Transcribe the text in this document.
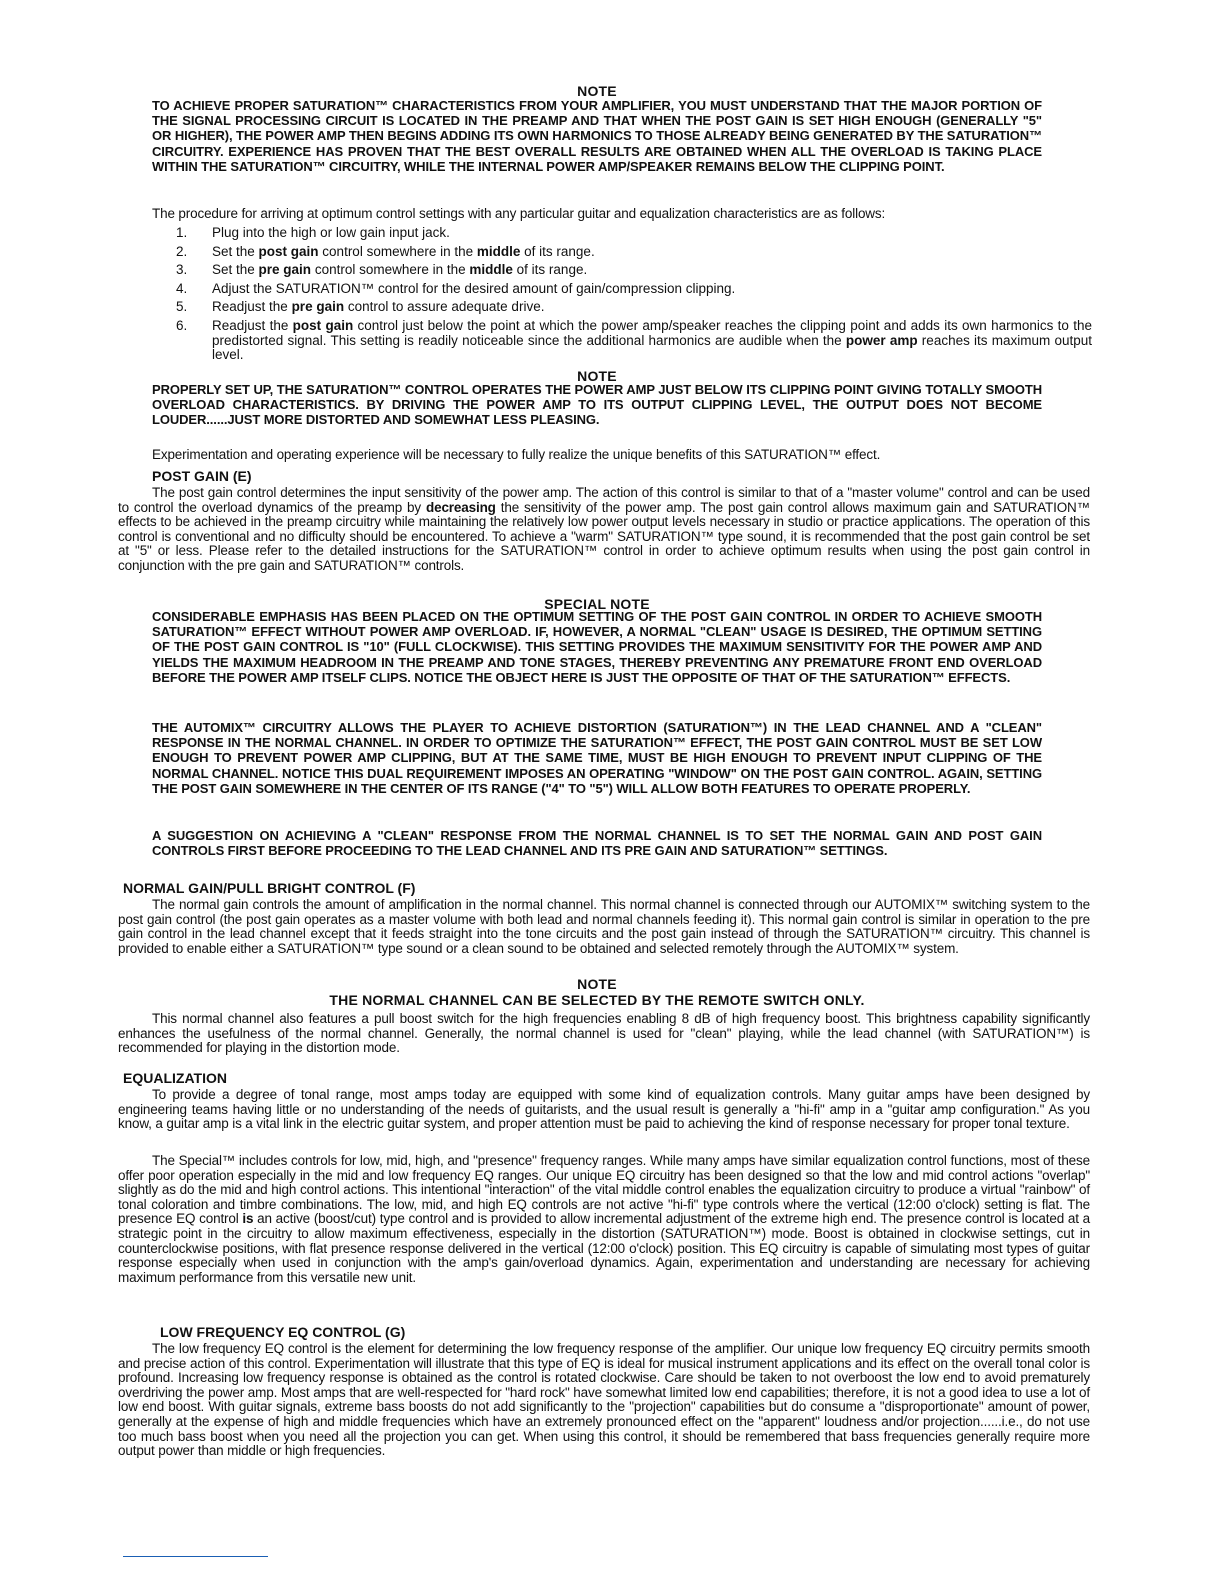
NOTE

TO ACHIEVE PROPER SATURATION™ CHARACTERISTICS FROM YOUR AMPLIFIER, YOU MUST UNDERSTAND THAT THE MAJOR PORTION OF THE SIGNAL PROCESSING CIRCUIT IS LOCATED IN THE PREAMP AND THAT WHEN THE POST GAIN IS SET HIGH ENOUGH (GENERALLY "5" OR HIGHER), THE POWER AMP THEN BEGINS ADDING ITS OWN HARMONICS TO THOSE ALREADY BEING GENERATED BY THE SATURATION™ CIRCUITRY. EXPERIENCE HAS PROVEN THAT THE BEST OVERALL RESULTS ARE OBTAINED WHEN ALL THE OVERLOAD IS TAKING PLACE WITHIN THE SATURATION™ CIRCUITRY, WHILE THE INTERNAL POWER AMP/SPEAKER REMAINS BELOW THE CLIPPING POINT.

The procedure for arriving at optimum control settings with any particular guitar and equalization characteristics are as follows:

1. Plug into the high or low gain input jack.
2. Set the post gain control somewhere in the middle of its range.
3. Set the pre gain control somewhere in the middle of its range.
4. Adjust the SATURATION™ control for the desired amount of gain/compression clipping.
5. Readjust the pre gain control to assure adequate drive.
6. Readjust the post gain control just below the point at which the power amp/speaker reaches the clipping point and adds its own harmonics to the predistorted signal. This setting is readily noticeable since the additional harmonics are audible when the power amp reaches its maximum output level.
NOTE

PROPERLY SET UP, THE SATURATION™ CONTROL OPERATES THE POWER AMP JUST BELOW ITS CLIPPING POINT GIVING TOTALLY SMOOTH OVERLOAD CHARACTERISTICS. BY DRIVING THE POWER AMP TO ITS OUTPUT CLIPPING LEVEL, THE OUTPUT DOES NOT BECOME LOUDER......JUST MORE DISTORTED AND SOMEWHAT LESS PLEASING.

Experimentation and operating experience will be necessary to fully realize the unique benefits of this SATURATION™ effect.

POST GAIN (E)

The post gain control determines the input sensitivity of the power amp. The action of this control is similar to that of a "master volume" control and can be used to control the overload dynamics of the preamp by decreasing the sensitivity of the power amp. The post gain control allows maximum gain and SATURATION™ effects to be achieved in the preamp circuitry while maintaining the relatively low power output levels necessary in studio or practice applications. The operation of this control is conventional and no difficulty should be encountered. To achieve a "warm" SATURATION™ type sound, it is recommended that the post gain control be set at "5" or less. Please refer to the detailed instructions for the SATURATION™ control in order to achieve optimum results when using the post gain control in conjunction with the pre gain and SATURATION™ controls.

SPECIAL NOTE

CONSIDERABLE EMPHASIS HAS BEEN PLACED ON THE OPTIMUM SETTING OF THE POST GAIN CONTROL IN ORDER TO ACHIEVE SMOOTH SATURATION™ EFFECT WITHOUT POWER AMP OVERLOAD. IF, HOWEVER, A NORMAL "CLEAN" USAGE IS DESIRED, THE OPTIMUM SETTING OF THE POST GAIN CONTROL IS "10" (FULL CLOCKWISE). THIS SETTING PROVIDES THE MAXIMUM SENSITIVITY FOR THE POWER AMP AND YIELDS THE MAXIMUM HEADROOM IN THE PREAMP AND TONE STAGES, THEREBY PREVENTING ANY PREMATURE FRONT END OVERLOAD BEFORE THE POWER AMP ITSELF CLIPS. NOTICE THE OBJECT HERE IS JUST THE OPPOSITE OF THAT OF THE SATURATION™ EFFECTS.

THE AUTOMIX™ CIRCUITRY ALLOWS THE PLAYER TO ACHIEVE DISTORTION (SATURATION™) IN THE LEAD CHANNEL AND A "CLEAN" RESPONSE IN THE NORMAL CHANNEL. IN ORDER TO OPTIMIZE THE SATURATION™ EFFECT, THE POST GAIN CONTROL MUST BE SET LOW ENOUGH TO PREVENT POWER AMP CLIPPING, BUT AT THE SAME TIME, MUST BE HIGH ENOUGH TO PREVENT INPUT CLIPPING OF THE NORMAL CHANNEL. NOTICE THIS DUAL REQUIREMENT IMPOSES AN OPERATING "WINDOW" ON THE POST GAIN CONTROL. AGAIN, SETTING THE POST GAIN SOMEWHERE IN THE CENTER OF ITS RANGE ("4" TO "5") WILL ALLOW BOTH FEATURES TO OPERATE PROPERLY.

A SUGGESTION ON ACHIEVING A "CLEAN" RESPONSE FROM THE NORMAL CHANNEL IS TO SET THE NORMAL GAIN AND POST GAIN CONTROLS FIRST BEFORE PROCEEDING TO THE LEAD CHANNEL AND ITS PRE GAIN AND SATURATION™ SETTINGS.

NORMAL GAIN/PULL BRIGHT CONTROL (F)

The normal gain controls the amount of amplification in the normal channel. This normal channel is connected through our AUTOMIX™ switching system to the post gain control (the post gain operates as a master volume with both lead and normal channels feeding it). This normal gain control is similar in operation to the pre gain control in the lead channel except that it feeds straight into the tone circuits and the post gain instead of through the SATURATION™ circuitry. This channel is provided to enable either a SATURATION™ type sound or a clean sound to be obtained and selected remotely through the AUTOMIX™ system.

NOTE
THE NORMAL CHANNEL CAN BE SELECTED BY THE REMOTE SWITCH ONLY.

This normal channel also features a pull boost switch for the high frequencies enabling 8 dB of high frequency boost. This brightness capability significantly enhances the usefulness of the normal channel. Generally, the normal channel is used for "clean" playing, while the lead channel (with SATURATION™) is recommended for playing in the distortion mode.

EQUALIZATION

To provide a degree of tonal range, most amps today are equipped with some kind of equalization controls. Many guitar amps have been designed by engineering teams having little or no understanding of the needs of guitarists, and the usual result is generally a "hi-fi" amp in a "guitar amp configuration." As you know, a guitar amp is a vital link in the electric guitar system, and proper attention must be paid to achieving the kind of response necessary for proper tonal texture.

The Special™ includes controls for low, mid, high, and "presence" frequency ranges. While many amps have similar equalization control functions, most of these offer poor operation especially in the mid and low frequency EQ ranges. Our unique EQ circuitry has been designed so that the low and mid control actions "overlap" slightly as do the mid and high control actions. This intentional "interaction" of the vital middle control enables the equalization circuitry to produce a virtual "rainbow" of tonal coloration and timbre combinations. The low, mid, and high EQ controls are not active "hi-fi" type controls where the vertical (12:00 o'clock) setting is flat. The presence EQ control is an active (boost/cut) type control and is provided to allow incremental adjustment of the extreme high end. The presence control is located at a strategic point in the circuitry to allow maximum effectiveness, especially in the distortion (SATURATION™) mode. Boost is obtained in clockwise settings, cut in counterclockwise positions, with flat presence response delivered in the vertical (12:00 o'clock) position. This EQ circuitry is capable of simulating most types of guitar response especially when used in conjunction with the amp's gain/overload dynamics. Again, experimentation and understanding are necessary for achieving maximum performance from this versatile new unit.

LOW FREQUENCY EQ CONTROL (G)

The low frequency EQ control is the element for determining the low frequency response of the amplifier. Our unique low frequency EQ circuitry permits smooth and precise action of this control. Experimentation will illustrate that this type of EQ is ideal for musical instrument applications and its effect on the overall tonal color is profound. Increasing low frequency response is obtained as the control is rotated clockwise. Care should be taken to not overboost the low end to avoid prematurely overdriving the power amp. Most amps that are well-respected for "hard rock" have somewhat limited low end capabilities; therefore, it is not a good idea to use a lot of low end boost. With guitar signals, extreme bass boosts do not add significantly to the "projection" capabilities but do consume a "disproportionate" amount of power, generally at the expense of high and middle frequencies which have an extremely pronounced effect on the "apparent" loudness and/or projection......i.e., do not use too much bass boost when you need all the projection you can get. When using this control, it should be remembered that bass frequencies generally require more output power than middle or high frequencies.
